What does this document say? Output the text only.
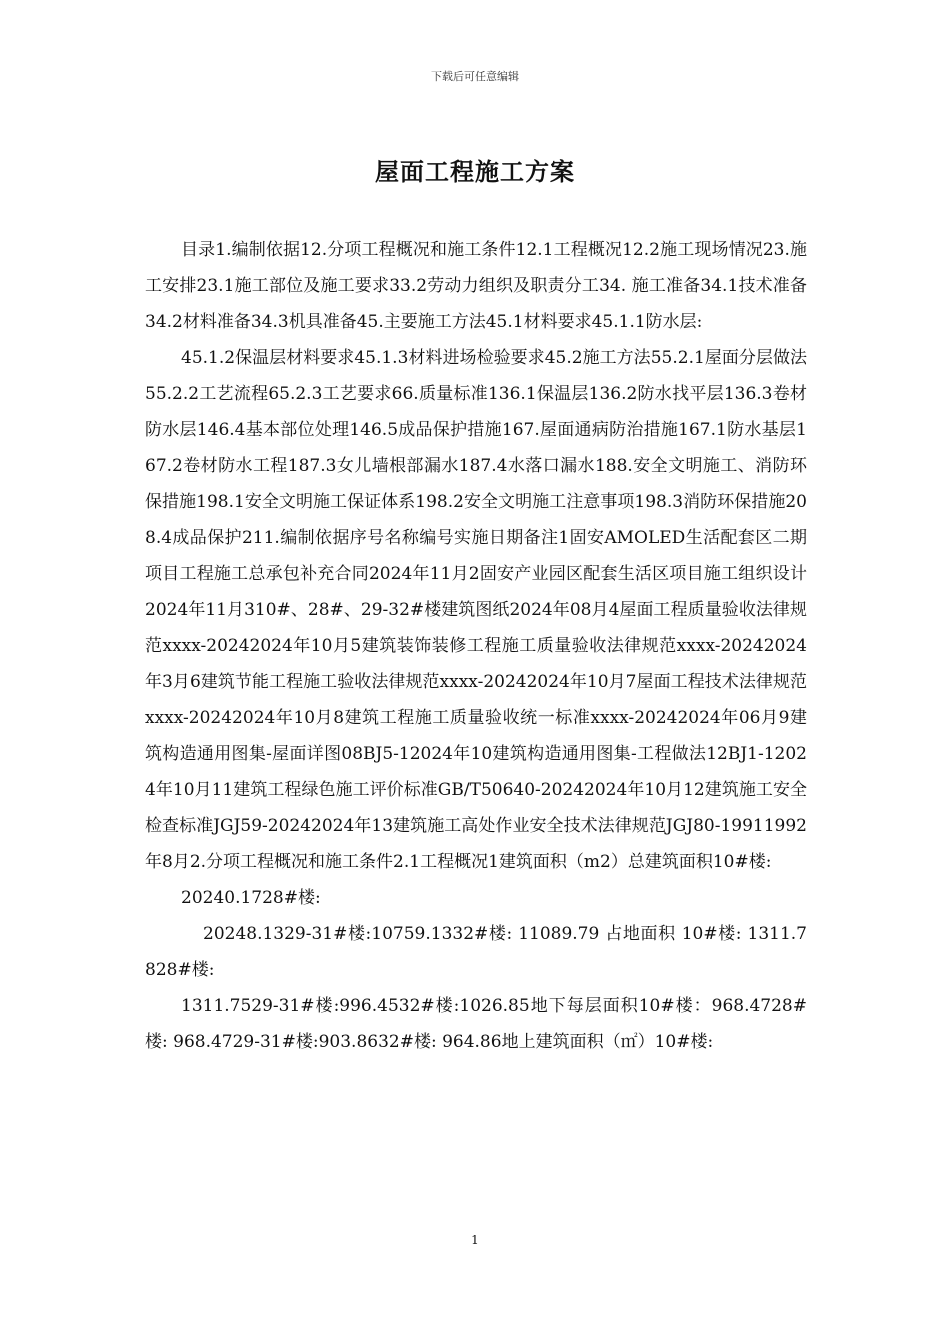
下载后可任意编辑
屋面工程施工方案

目录1.编制依据12.分项工程概况和施工条件12.1工程概况12.2施工现场情况23.施工安排23.1施工部位及施工要求33.2劳动力组织及职责分工34. 施工准备34.1技术准备34.2材料准备34.3机具准备45.主要施工方法45.1材料要求45.1.1防水层:

45.1.2保温层材料要求45.1.3材料进场检验要求45.2施工方法55.2.1屋面分层做法55.2.2工艺流程65.2.3工艺要求66.质量标准136.1保温层136.2防水找平层136.3卷材防水层146.4基本部位处理146.5成品保护措施167.屋面通病防治措施167.1防水基层167.2卷材防水工程187.3女儿墙根部漏水187.4水落口漏水188.安全文明施工、消防环保措施198.1安全文明施工保证体系198.2安全文明施工注意事项198.3消防环保措施208.4成品保护211.编制依据序号名称编号实施日期备注1固安AMOLED生活配套区二期项目工程施工总承包补充合同2024年11月2固安产业园区配套生活区项目施工组织设计2024年11月310#、28#、29-32#楼建筑图纸2024年08月4屋面工程质量验收法律规范xxxx-20242024年10月5建筑装饰装修工程施工质量验收法律规范xxxx-20242024年3月6建筑节能工程施工验收法律规范xxxx-20242024年10月7屋面工程技术法律规范xxxx-20242024年10月8建筑工程施工质量验收统一标准xxxx-20242024年06月9建筑构造通用图集-屋面详图08BJ5-12024年10建筑构造通用图集-工程做法12BJ1-12024年10月11建筑工程绿色施工评价标准GB/T50640-20242024年10月12建筑施工安全检查标准JGJ59-20242024年13建筑施工高处作业安全技术法律规范JGJ80-19911992年8月2.分项工程概况和施工条件2.1工程概况1建筑面积（m2）总建筑面积10#楼:

20240.1728#楼:

20248.1329-31#楼:10759.1332#楼: 11089.79 占地面积 10#楼: 1311.7828#楼:

1311.7529-31#楼:996.4532#楼:1026.85地下每层面积10#楼：968.4728#楼: 968.4729-31#楼:903.8632#楼: 964.86地上建筑面积（㎡）10#楼:

1
